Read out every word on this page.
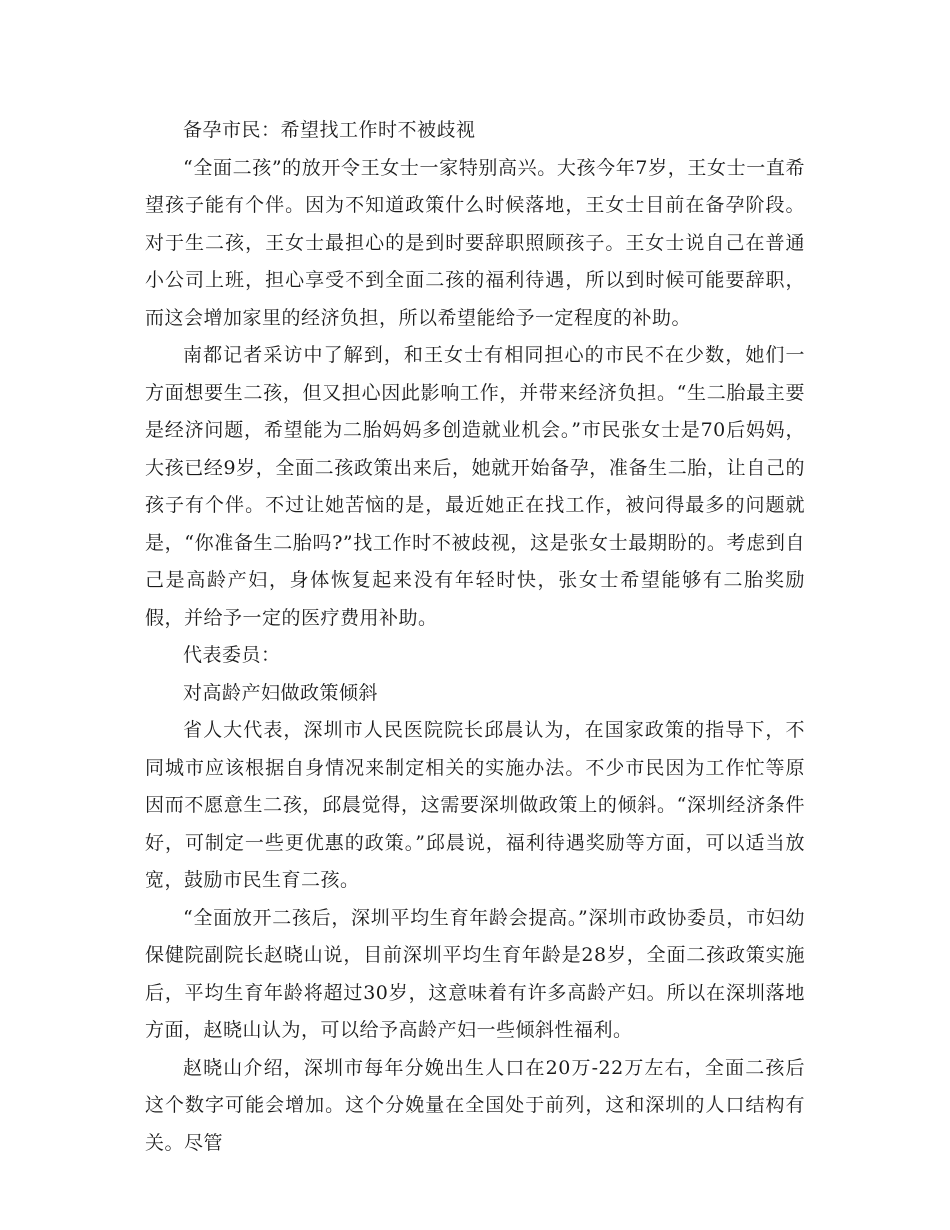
备孕市民：希望找工作时不被歧视

“全面二孩”的放开令王女士一家特别高兴。大孩今年7岁，王女士一直希望孩子能有个伴。因为不知道政策什么时候落地，王女士目前在备孕阶段。对于生二孩，王女士最担心的是到时要辞职照顾孩子。王女士说自己在普通小公司上班，担心享受不到全面二孩的福利待遇，所以到时候可能要辞职，而这会增加家里的经济负担，所以希望能给予一定程度的补助。

南都记者采访中了解到，和王女士有相同担心的市民不在少数，她们一方面想要生二孩，但又担心因此影响工作，并带来经济负担。“生二胎最主要是经济问题，希望能为二胎妈妈多创造就业机会。”市民张女士是70后妈妈，大孩已经9岁，全面二孩政策出来后，她就开始备孕，准备生二胎，让自己的孩子有个伴。不过让她苦恼的是，最近她正在找工作，被问得最多的问题就是，“你准备生二胎吗?”找工作时不被歧视，这是张女士最期盼的。考虑到自己是高龄产妇，身体恢复起来没有年轻时快，张女士希望能够有二胎奖励假，并给予一定的医疗费用补助。

代表委员：

对高龄产妇做政策倾斜

省人大代表，深圳市人民医院院长邱晨认为，在国家政策的指导下，不同城市应该根据自身情况来制定相关的实施办法。不少市民因为工作忙等原因而不愿意生二孩，邱晨觉得，这需要深圳做政策上的倾斜。“深圳经济条件好，可制定一些更优惠的政策。”邱晨说，福利待遇奖励等方面，可以适当放宽，鼓励市民生育二孩。

“全面放开二孩后，深圳平均生育年龄会提高。”深圳市政协委员，市妇幼保健院副院长赵晓山说，目前深圳平均生育年龄是28岁，全面二孩政策实施后，平均生育年龄将超过30岁，这意味着有许多高龄产妇。所以在深圳落地方面，赵晓山认为，可以给予高龄产妇一些倾斜性福利。

赵晓山介绍，深圳市每年分娩出生人口在20万-22万左右，全面二孩后这个数字可能会增加。这个分娩量在全国处于前列，这和深圳的人口结构有关。尽管
